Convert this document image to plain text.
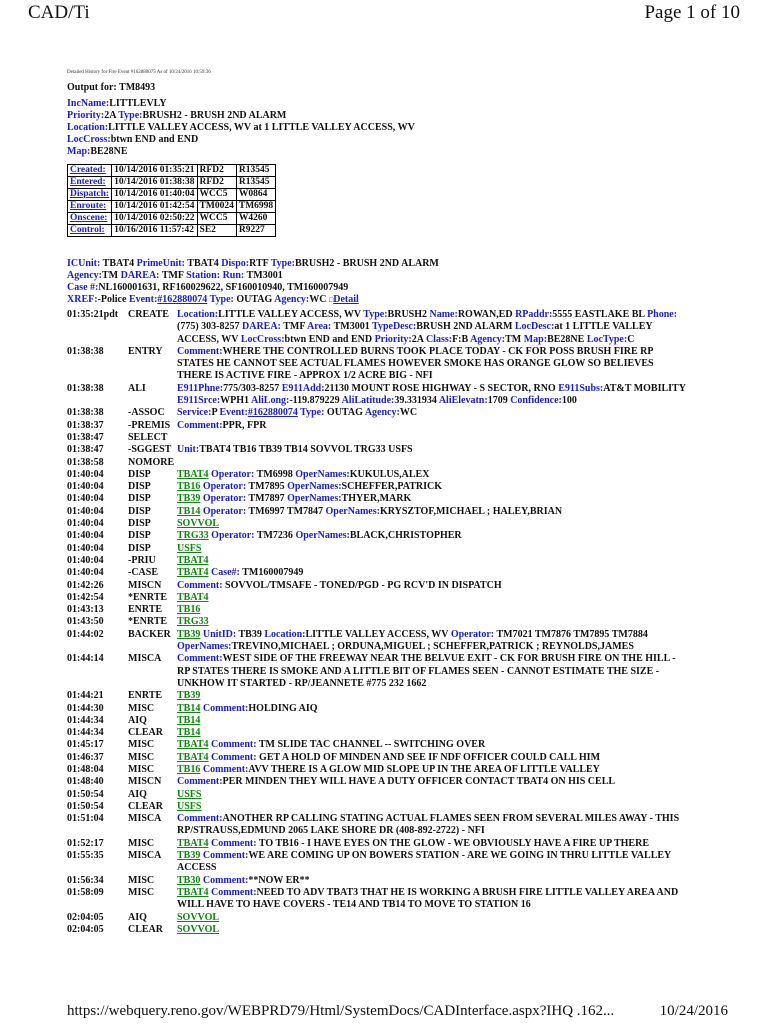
CAD/Ti	Page 1 of 10
Detailed History for Fire Event #162880075 As of 10/24/2016 10:59:36
Output for: TM8493
IncName:LITTLEVLY
Priority:2A Type:BRUSH2 - BRUSH 2ND ALARM
Location:LITTLE VALLEY ACCESS, WV at 1 LITTLE VALLEY ACCESS, WV
LocCross:btwn END and END
Map:BE28NE
Created:	10/14/2016 01:35:21	RFD2	R13545
Entered:	10/14/2016 01:38:38	RFD2	R13545
Dispatch:	10/14/2016 01:40:04	WCC5	W0864
Enroute:	10/14/2016 01:42:54	TM0024	TM6998
Onscene:	10/14/2016 02:50:22	WCC5	W4260
Control:	10/16/2016 11:57:42	SE2	R9227
ICUnit: TBAT4 PrimeUnit: TBAT4 Dispo:RTF Type:BRUSH2 - BRUSH 2ND ALARM
Agency:TM DAREA: TMF Station: Run: TM3001
Case #:NL160001631, RF160029622, SF160010940, TM160007949
XREF:-Police Event:#162880074 Type: OUTAG Agency:WC □Detail
01:35:21pdt CREATE Location:LITTLE VALLEY ACCESS, WV Type:BRUSH2 Name:ROWAN,ED RPaddr:5555 EASTLAKE BL Phone:(775) 303-8257 DAREA: TMF Area: TM3001 TypeDesc:BRUSH 2ND ALARM LocDesc:at 1 LITTLE VALLEY ACCESS, WV LocCross:btwn END and END Priority:2A Class:F:B Agency:TM Map:BE28NE LocType:C
01:38:38	ENTRY	Comment:WHERE THE CONTROLLED BURNS TOOK PLACE TODAY - CK FOR POSS BRUSH FIRE RP STATES HE CANNOT SEE ACTUAL FLAMES HOWEVER SMOKE HAS ORANGE GLOW SO BELIEVES THERE IS ACTIVE FIRE - APPROX 1/2 ACRE BIG - NFI
01:38:38	ALI	E911Phne:775/303-8257 E911Add:21130 MOUNT ROSE HIGHWAY - S SECTOR, RNO E911Subs:AT&T MOBILITY E911Srce:WPH1 AliLong:-119.879229 AliLatitude:39.331934 AliElevatn:1709 Confidence:100
01:38:38	-ASSOC	Service:P Event:#162880074 Type: OUTAG Agency:WC
01:38:37	-PREMIS Comment:PPR, FPR
01:38:47	SELECT
01:38:47	-SGGEST Unit:TBAT4 TB16 TB39 TB14 SOVVOL TRG33 USFS
01:38:58	NOMORE
01:40:04	DISP	TBAT4 Operator: TM6998 OperNames:KUKULUS,ALEX
01:40:04	DISP	TB16 Operator: TM7895 OperNames:SCHEFFER,PATRICK
01:40:04	DISP	TB39 Operator: TM7897 OperNames:THYER,MARK
01:40:04	DISP	TB14 Operator: TM6997 TM7847 OperNames:KRYSZTOF,MICHAEL ; HALEY,BRIAN
01:40:04	DISP	SOVVOL
01:40:04	DISP	TRG33 Operator: TM7236 OperNames:BLACK,CHRISTOPHER
01:40:04	DISP	USFS
01:40:04	-PRIU	TBAT4
01:40:04	-CASE	TBAT4 Case#: TM160007949
01:42:26	MISCN	Comment: SOVVOL/TMSAFE - TONED/PGD - PG RCV'D IN DISPATCH
01:42:54	*ENRTE TBAT4
01:43:13	ENRTE	TB16
01:43:50	*ENRTE TRG33
01:44:02	BACKER TB39 UnitID: TB39 Location:LITTLE VALLEY ACCESS, WV Operator: TM7021 TM7876 TM7895 TM7884 OperNames:TREVINO,MICHAEL ; ORDUNA,MIGUEL ; SCHEFFER,PATRICK ; REYNOLDS,JAMES
01:44:14	MISCA	Comment:WEST SIDE OF THE FREEWAY NEAR THE BELVUE EXIT - CK FOR BRUSH FIRE ON THE HILL - RP STATES THERE IS SMOKE AND A LITTLE BIT OF FLAMES SEEN - CANNOT ESTIMATE THE SIZE - UNKHOW IT STARTED - RP/JEANNETE #775 232 1662
01:44:21	ENRTE	TB39
01:44:30	MISC	TB14 Comment:HOLDING AIQ
01:44:34	AIQ	TB14
01:44:34	CLEAR	TB14
01:45:17	MISC	TBAT4 Comment: TM SLIDE TAC CHANNEL -- SWITCHING OVER
01:46:37	MISC	TBAT4 Comment: GET A HOLD OF MINDEN AND SEE IF NDF OFFICER COULD CALL HIM
01:48:04	MISC	TB16 Comment:AVV THERE IS A GLOW MID SLOPE UP IN THE AREA OF LITTLE VALLEY
01:48:40	MISCN	Comment:PER MINDEN THEY WILL HAVE A DUTY OFFICER CONTACT TBAT4 ON HIS CELL
01:50:54	AIQ	USFS
01:50:54	CLEAR	USFS
01:51:04	MISCA	Comment:ANOTHER RP CALLING STATING ACTUAL FLAMES SEEN FROM SEVERAL MILES AWAY - THIS RP/STRAUSS,EDMUND 2065 LAKE SHORE DR (408-892-2722) - NFI
01:52:17	MISC	TBAT4 Comment: TO TB16 - I HAVE EYES ON THE GLOW - WE OBVIOUSLY HAVE A FIRE UP THERE
01:55:35	MISCA	TB39 Comment:WE ARE COMING UP ON BOWERS STATION - ARE WE GOING IN THRU LITTLE VALLEY ACCESS
01:56:34	MISC	TB30 Comment:**NOW ER**
01:58:09	MISC	TBAT4 Comment:NEED TO ADV TBAT3 THAT HE IS WORKING A BRUSH FIRE LITTLE VALLEY AREA AND WILL HAVE TO HAVE COVERS - TE14 AND TB14 TO MOVE TO STATION 16
02:04:05	AIQ	SOVVOL
02:04:05	CLEAR	SOVVOL
https://webquery.reno.gov/WEBPRD79/Html/SystemDocs/CADInterface.aspx?IHQ .162...	10/24/2016
